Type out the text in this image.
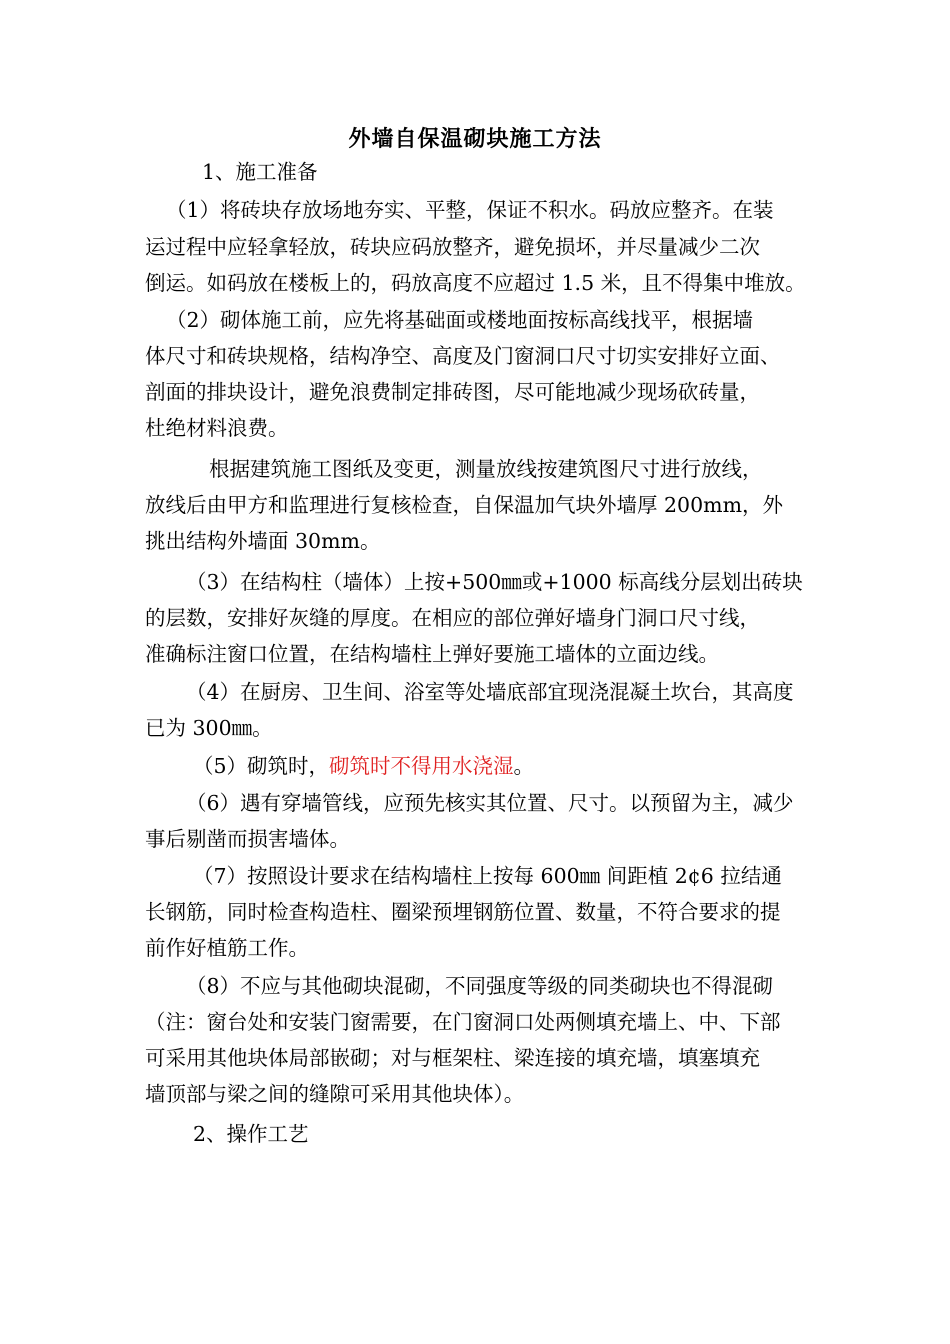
外墙自保温砌块施工方法
1、施工准备
（1）将砖块存放场地夯实、平整，保证不积水。码放应整齐。在装
运过程中应轻拿轻放，砖块应码放整齐，避免损坏，并尽量减少二次
倒运。如码放在楼板上的，码放高度不应超过 1.5 米，且不得集中堆放。
（2）砌体施工前，应先将基础面或楼地面按标高线找平，根据墙
体尺寸和砖块规格，结构净空、高度及门窗洞口尺寸切实安排好立面、
剖面的排块设计，避免浪费制定排砖图，尽可能地减少现场砍砖量，
杜绝材料浪费。
根据建筑施工图纸及变更，测量放线按建筑图尺寸进行放线，
放线后由甲方和监理进行复核检查，自保温加气块外墙厚 200mm，外
挑出结构外墙面 30mm。
（3）在结构柱（墙体）上按+500㎜或+1000 标高线分层划出砖块
的层数，安排好灰缝的厚度。在相应的部位弹好墙身门洞口尺寸线，
准确标注窗口位置，在结构墙柱上弹好要施工墙体的立面边线。
（4）在厨房、卫生间、浴室等处墙底部宜现浇混凝土坎台，其高度
已为 300㎜。
（5）砌筑时，砌筑时不得用水浇湿。
（6）遇有穿墙管线，应预先核实其位置、尺寸。以预留为主，减少
事后剔凿而损害墙体。
（7）按照设计要求在结构墙柱上按每 600㎜ 间距植 2¢6 拉结通
长钢筋，同时检查构造柱、圈梁预埋钢筋位置、数量，不符合要求的提
前作好植筋工作。
（8）不应与其他砌块混砌，不同强度等级的同类砌块也不得混砌
（注：窗台处和安装门窗需要，在门窗洞口处两侧填充墙上、中、下部
可采用其他块体局部嵌砌；对与框架柱、梁连接的填充墙，填塞填充
墙顶部与梁之间的缝隙可采用其他块体）。
2、操作工艺
